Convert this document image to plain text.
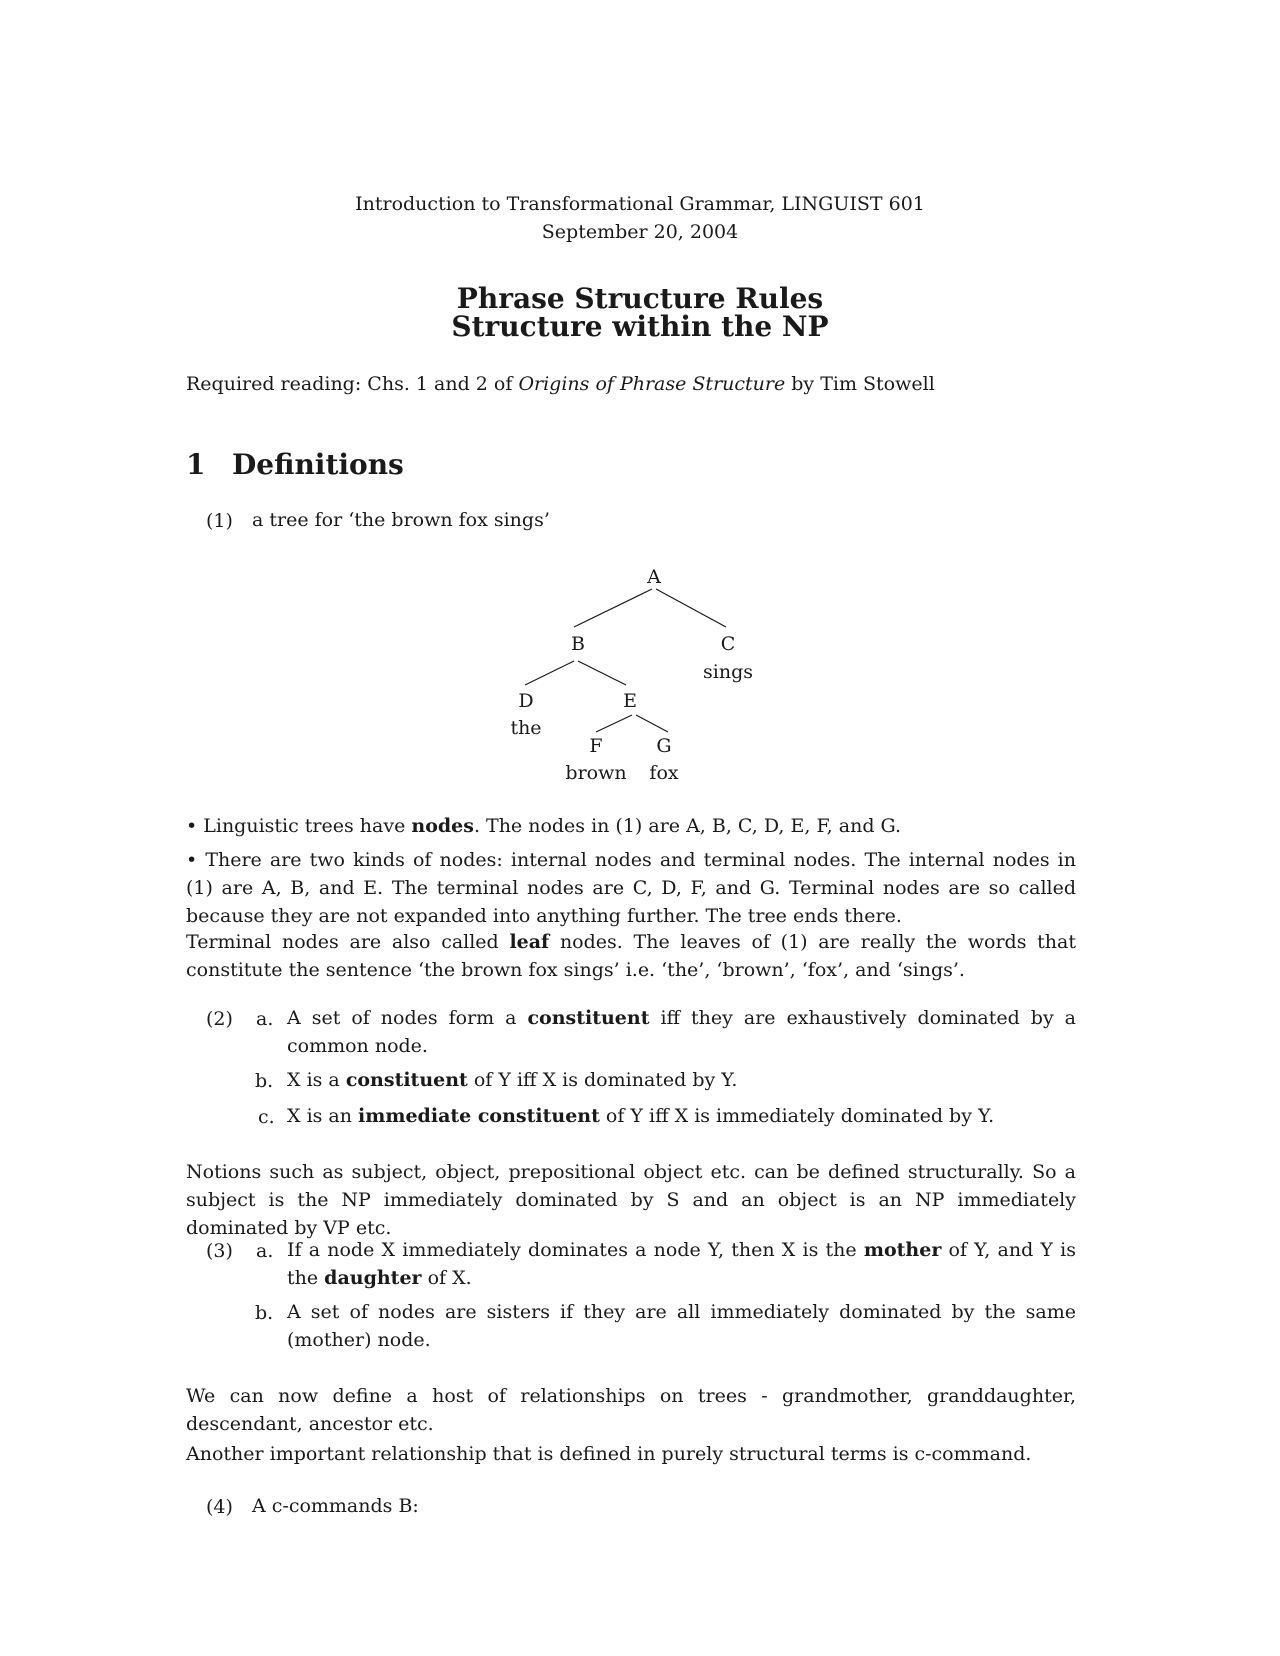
Introduction to Transformational Grammar, LINGUIST 601
September 20, 2004
Phrase Structure Rules
Structure within the NP
Required reading: Chs. 1 and 2 of Origins of Phrase Structure by Tim Stowell
1 Definitions
(1) a tree for ‘the brown fox sings’
A
B	C
sings
D
the
E
F	G
brown fox

• Linguistic trees have nodes. The nodes in (1) are A, B, C, D, E, F, and G.

• There are two kinds of nodes: internal nodes and terminal nodes. The internal nodes in (1) are A, B, and E. The terminal nodes are C, D, F, and G. Terminal nodes are so called because they are not expanded into anything further. The tree ends there.

Terminal nodes are also called leaf nodes. The leaves of (1) are really the words that constitute the sentence ‘the brown fox sings’ i.e. ‘the’, ‘brown’, ‘fox’, and ‘sings’.

(2) a. A set of nodes form a constituent iff they are exhaustively dominated by a common node.

b. X is a constituent of Y iff X is dominated by Y.

c. X is an immediate constituent of Y iff X is immediately dominated by Y.

Notions such as subject, object, prepositional object etc. can be defined structurally. So a subject is the NP immediately dominated by S and an object is an NP immediately dominated by VP etc.

(3) a. If a node X immediately dominates a node Y, then X is the mother of Y, and Y is the daughter of X.

b. A set of nodes are sisters if they are all immediately dominated by the same (mother) node.

We can now define a host of relationships on trees - grandmother, granddaughter, descendant, ancestor etc.

Another important relationship that is defined in purely structural terms is c-command.

(4) A c-commands B:
